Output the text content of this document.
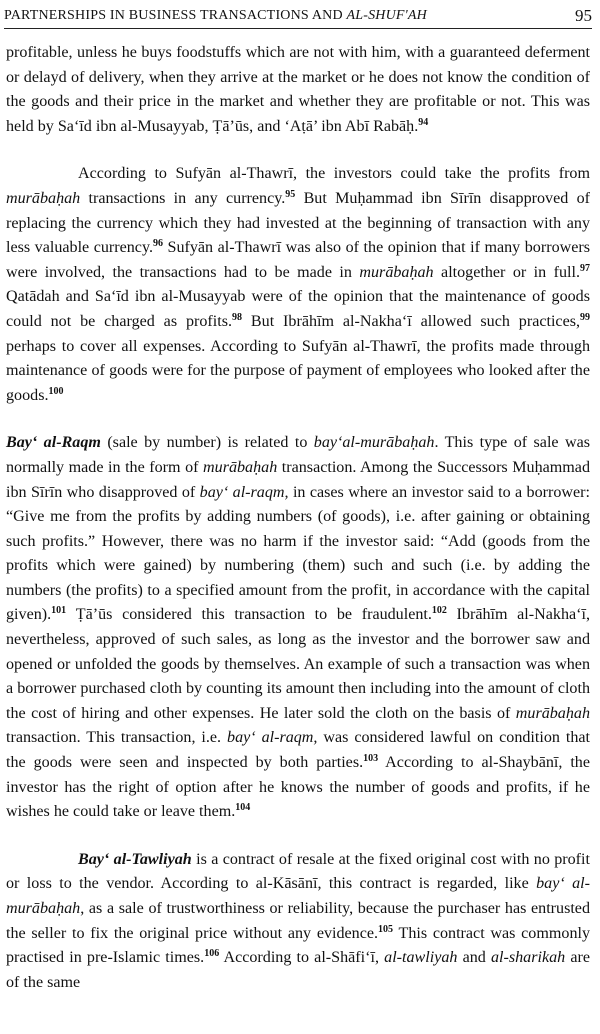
PARTNERSHIPS IN BUSINESS TRANSACTIONS AND AL-SHUF'AH	95

profitable, unless he buys foodstuffs which are not with him, with a guaranteed deferment or delayd of delivery, when they arrive at the market or he does not know the condition of the goods and their price in the market and whether they are profitable or not. This was held by Sa‘īd ibn al-Musayyab, Ṭā’ūs, and ‘Aṭā’ ibn Abī Rabāḥ.$^{94}$

According to Sufyān al-Thawrī, the investors could take the profits from murābaḥah transactions in any currency.$^{95}$ But Muḥammad ibn Sīrīn disapproved of replacing the currency which they had invested at the beginning of transaction with any less valuable currency.$^{96}$ Sufyān al-Thawrī was also of the opinion that if many borrowers were involved, the transactions had to be made in murābaḥah altogether or in full.$^{97}$ Qatādah and Sa‘īd ibn al-Musayyab were of the opinion that the maintenance of goods could not be charged as profits.$^{98}$ But Ibrāhīm al-Nakha‘ī allowed such practices,$^{99}$ perhaps to cover all expenses. According to Sufyān al-Thawrī, the profits made through maintenance of goods were for the purpose of payment of employees who looked after the goods.$^{100}$

Bay‘ al-Raqm (sale by number) is related to bay‘al-murābaḥah. This type of sale was normally made in the form of murābaḥah transaction. Among the Successors Muḥammad ibn Sīrīn who disapproved of bay‘ al-raqm, in cases where an investor said to a borrower: “Give me from the profits by adding numbers (of goods), i.e. after gaining or obtaining such profits.” However, there was no harm if the investor said: “Add (goods from the profits which were gained) by numbering (them) such and such (i.e. by adding the numbers (the profits) to a specified amount from the profit, in accordance with the capital given).$^{101}$ Ṭā’ūs considered this transaction to be fraudulent.$^{102}$ Ibrāhīm al-Nakha‘ī, nevertheless, approved of such sales, as long as the investor and the borrower saw and opened or unfolded the goods by themselves. An example of such a transaction was when a borrower purchased cloth by counting its amount then including into the amount of cloth the cost of hiring and other expenses. He later sold the cloth on the basis of murābaḥah transaction. This transaction, i.e. bay‘ al-raqm, was considered lawful on condition that the goods were seen and inspected by both parties.$^{103}$ According to al-Shaybānī, the investor has the right of option after he knows the number of goods and profits, if he wishes he could take or leave them.$^{104}$

Bay‘ al-Tawliyah is a contract of resale at the fixed original cost with no profit or loss to the vendor. According to al-Kāsānī, this contract is regarded, like bay‘ al-murābaḥah, as a sale of trustworthiness or reliability, because the purchaser has entrusted the seller to fix the original price without any evidence.$^{105}$ This contract was commonly practised in pre-Islamic times.$^{106}$ According to al-Shāfi‘ī, al-tawliyah and al-sharikah are of the same
